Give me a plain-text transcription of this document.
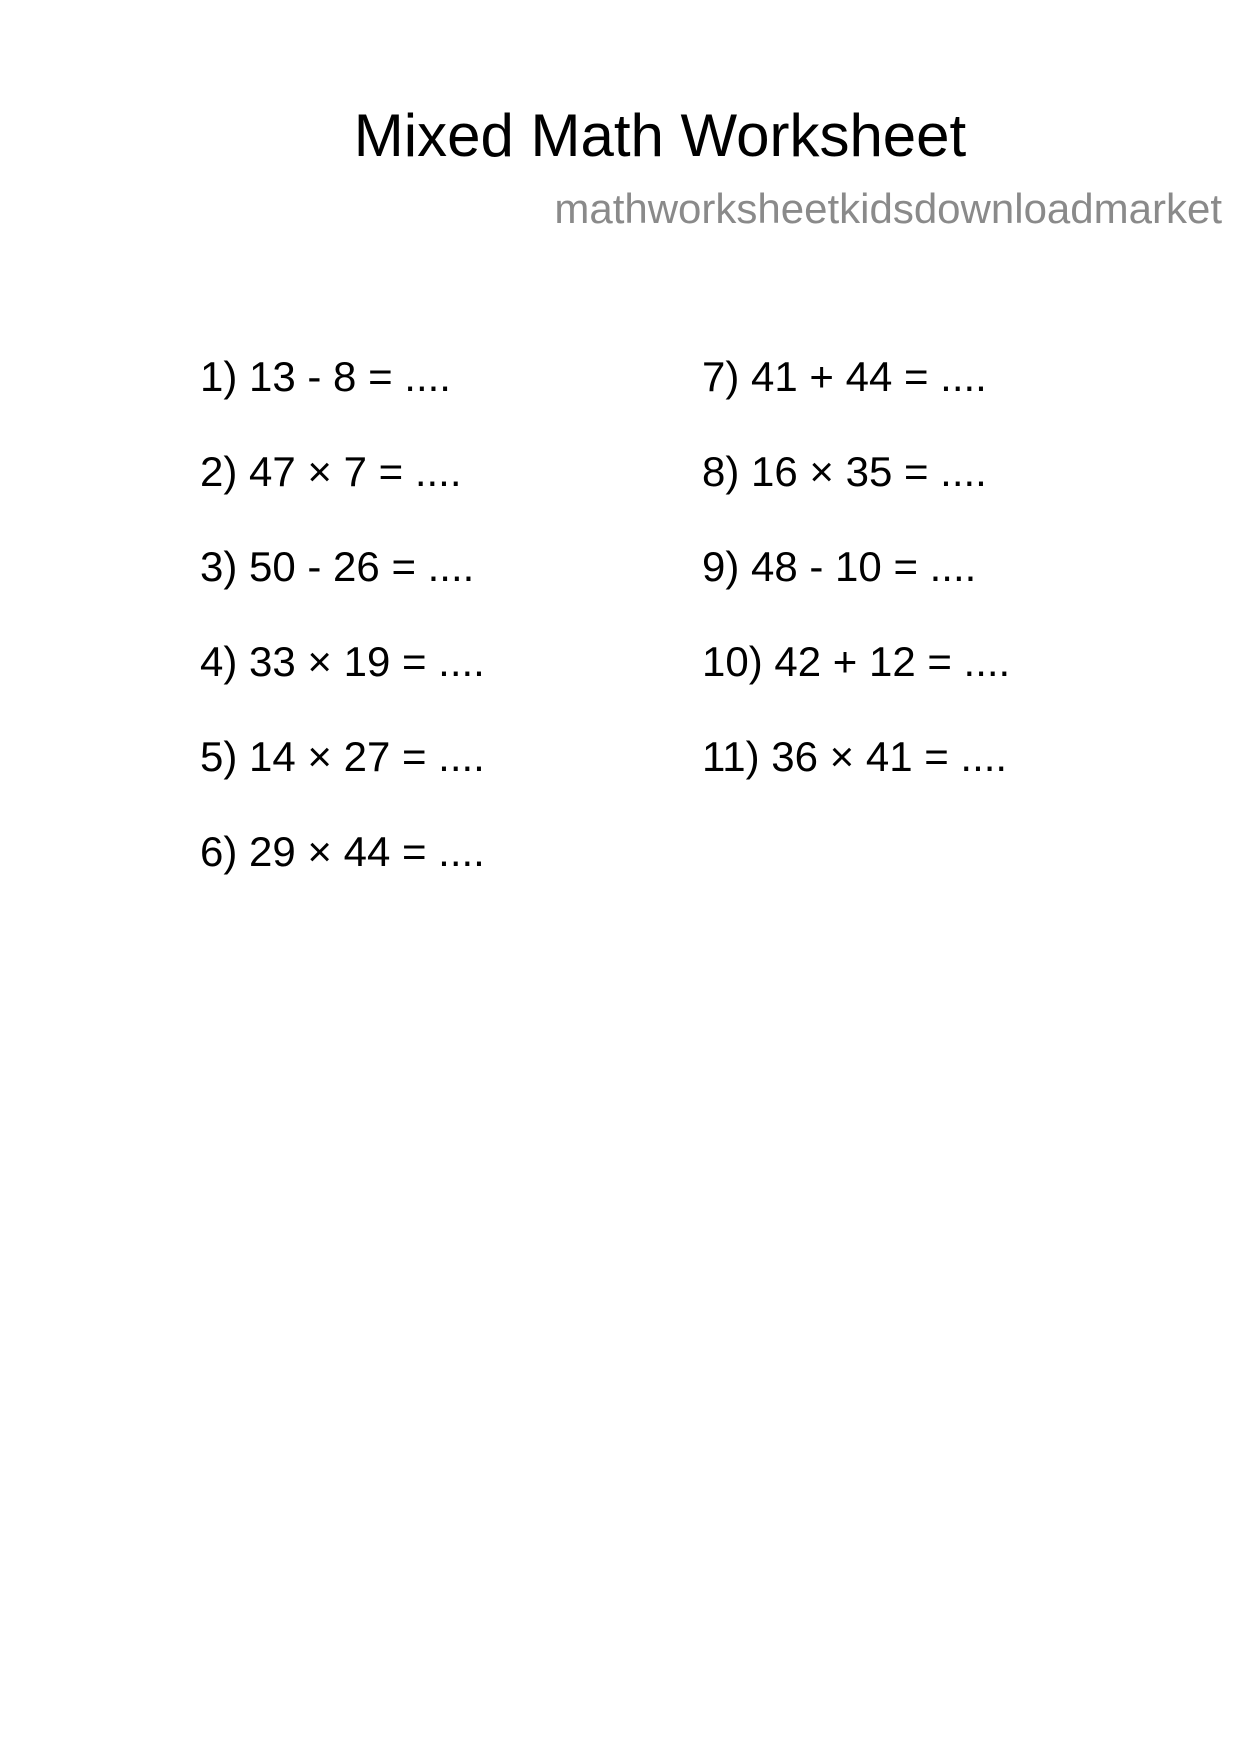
Mixed Math Worksheet
mathworksheetkidsdownloadmarket
1) 13 - 8 = ....
2) 47 × 7 = ....
3) 50 - 26 = ....
4) 33 × 19 = ....
5) 14 × 27 = ....
6) 29 × 44 = ....
7) 41 + 44 = ....
8) 16 × 35 = ....
9) 48 - 10 = ....
10) 42 + 12 = ....
11) 36 × 41 = ....
